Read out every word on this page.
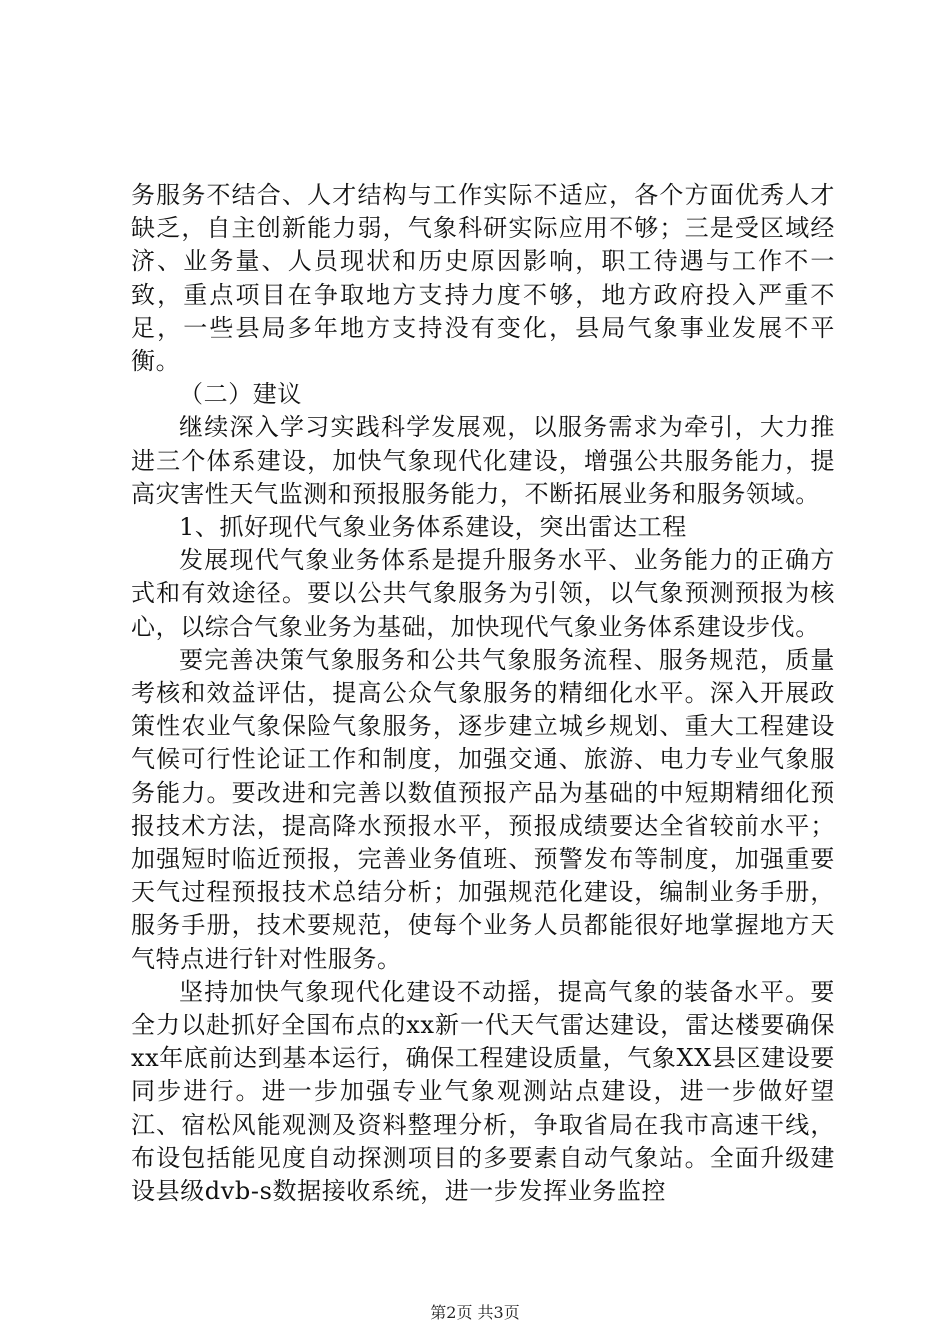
务服务不结合、人才结构与工作实际不适应，各个方面优秀人才缺乏，自主创新能力弱，气象科研实际应用不够；三是受区域经济、业务量、人员现状和历史原因影响，职工待遇与工作不一致，重点项目在争取地方支持力度不够，地方政府投入严重不足，一些县局多年地方支持没有变化，县局气象事业发展不平衡。

（二）建议

继续深入学习实践科学发展观，以服务需求为牵引，大力推进三个体系建设，加快气象现代化建设，增强公共服务能力，提高灾害性天气监测和预报服务能力，不断拓展业务和服务领域。

1、抓好现代气象业务体系建设，突出雷达工程

发展现代气象业务体系是提升服务水平、业务能力的正确方式和有效途径。要以公共气象服务为引领，以气象预测预报为核心，以综合气象业务为基础，加快现代气象业务体系建设步伐。

要完善决策气象服务和公共气象服务流程、服务规范，质量考核和效益评估，提高公众气象服务的精细化水平。深入开展政策性农业气象保险气象服务，逐步建立城乡规划、重大工程建设气候可行性论证工作和制度，加强交通、旅游、电力专业气象服务能力。要改进和完善以数值预报产品为基础的中短期精细化预报技术方法，提高降水预报水平，预报成绩要达全省较前水平；加强短时临近预报，完善业务值班、预警发布等制度，加强重要天气过程预报技术总结分析；加强规范化建设，编制业务手册，服务手册，技术要规范，使每个业务人员都能很好地掌握地方天气特点进行针对性服务。

坚持加快气象现代化建设不动摇，提高气象的装备水平。要全力以赴抓好全国布点的xx新一代天气雷达建设，雷达楼要确保xx年底前达到基本运行，确保工程建设质量，气象XX县区建设要同步进行。进一步加强专业气象观测站点建设，进一步做好望江、宿松风能观测及资料整理分析，争取省局在我市高速干线，布设包括能见度自动探测项目的多要素自动气象站。全面升级建设县级dvb-s数据接收系统，进一步发挥业务监控

第2页 共3页
